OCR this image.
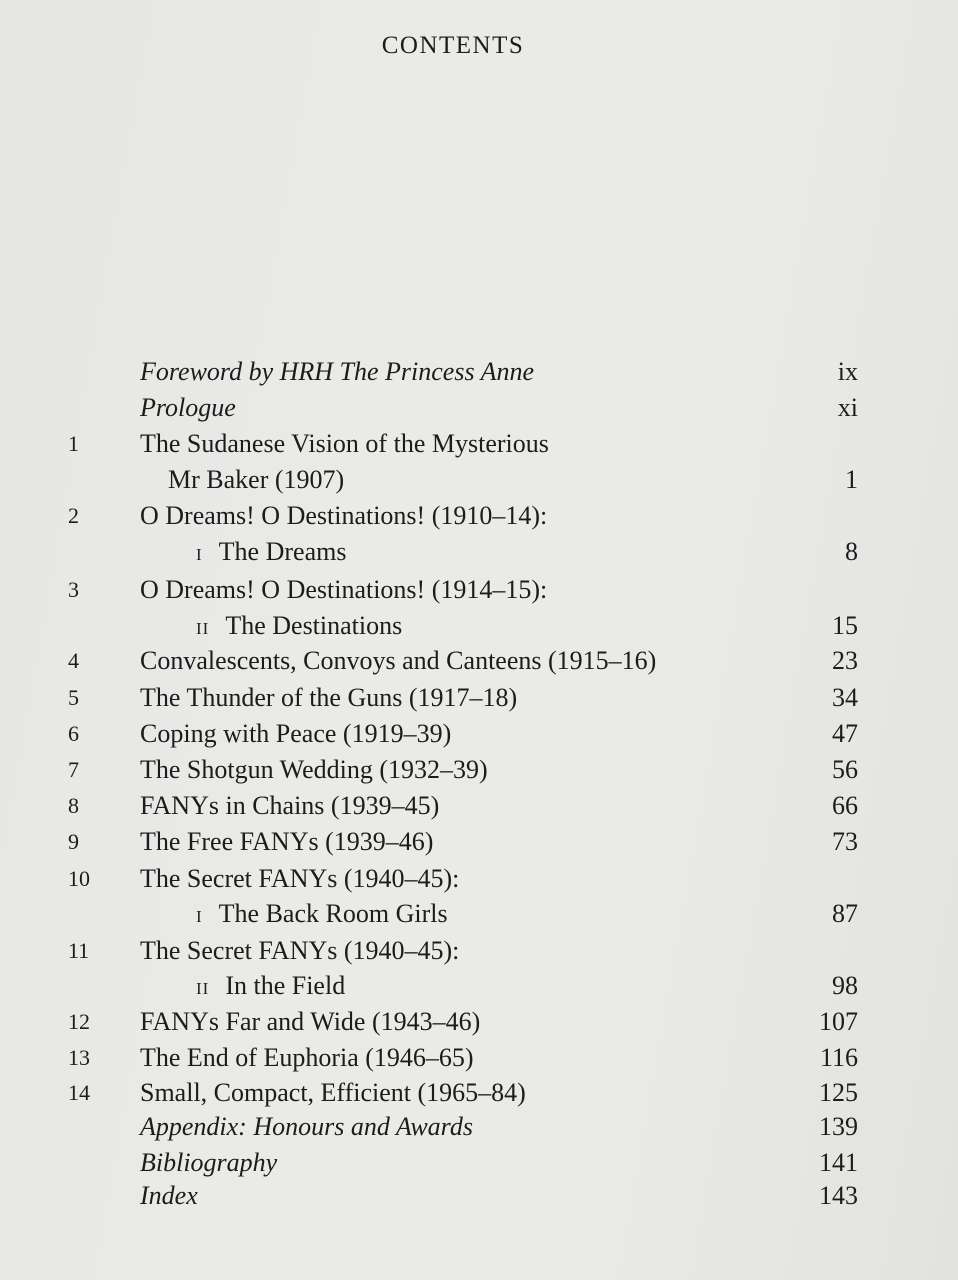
CONTENTS
Foreword by HRH The Princess Anne	ix
Prologue	xi
1	The Sudanese Vision of the Mysterious
Mr Baker (1907)	1
2	O Dreams! O Destinations! (1910–14):
I The Dreams	8
3	O Dreams! O Destinations! (1914–15):
II The Destinations	15
4	Convalescents, Convoys and Canteens (1915–16)	23
5	The Thunder of the Guns (1917–18)	34
6	Coping with Peace (1919–39)	47
7	The Shotgun Wedding (1932–39)	56
8	FANYs in Chains (1939–45)	66
9	The Free FANYs (1939–46)	73
10	The Secret FANYs (1940–45):
I The Back Room Girls	87
11	The Secret FANYs (1940–45):
II In the Field	98
12	FANYs Far and Wide (1943–46)	107
13	The End of Euphoria (1946–65)	116
14	Small, Compact, Efficient (1965–84)	125
Appendix: Honours and Awards	139
Bibliography	141
Index	143
